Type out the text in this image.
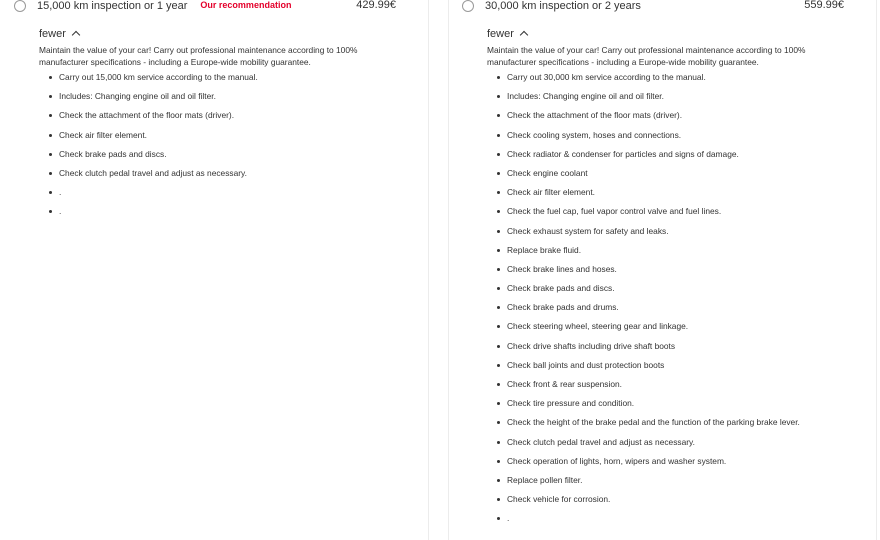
15,000 km inspection or 1 year Our recommendation	429.99€
fewer
Maintain the value of your car! Carry out professional maintenance according to 100% manufacturer specifications - including a Europe-wide mobility guarantee.
Carry out 15,000 km service according to the manual.
Includes: Changing engine oil and oil filter.
Check the attachment of the floor mats (driver).
Check air filter element.
Check brake pads and discs.
Check clutch pedal travel and adjust as necessary.
.
.
30,000 km inspection or 2 years	559.99€
fewer
Maintain the value of your car! Carry out professional maintenance according to 100% manufacturer specifications - including a Europe-wide mobility guarantee.
Carry out 30,000 km service according to the manual.
Includes: Changing engine oil and oil filter.
Check the attachment of the floor mats (driver).
Check cooling system, hoses and connections.
Check radiator & condenser for particles and signs of damage.
Check engine coolant
Check air filter element.
Check the fuel cap, fuel vapor control valve and fuel lines.
Check exhaust system for safety and leaks.
Replace brake fluid.
Check brake lines and hoses.
Check brake pads and discs.
Check brake pads and drums.
Check steering wheel, steering gear and linkage.
Check drive shafts including drive shaft boots
Check ball joints and dust protection boots
Check front & rear suspension.
Check tire pressure and condition.
Check the height of the brake pedal and the function of the parking brake lever.
Check clutch pedal travel and adjust as necessary.
Check operation of lights, horn, wipers and washer system.
Replace pollen filter.
Check vehicle for corrosion.
.
